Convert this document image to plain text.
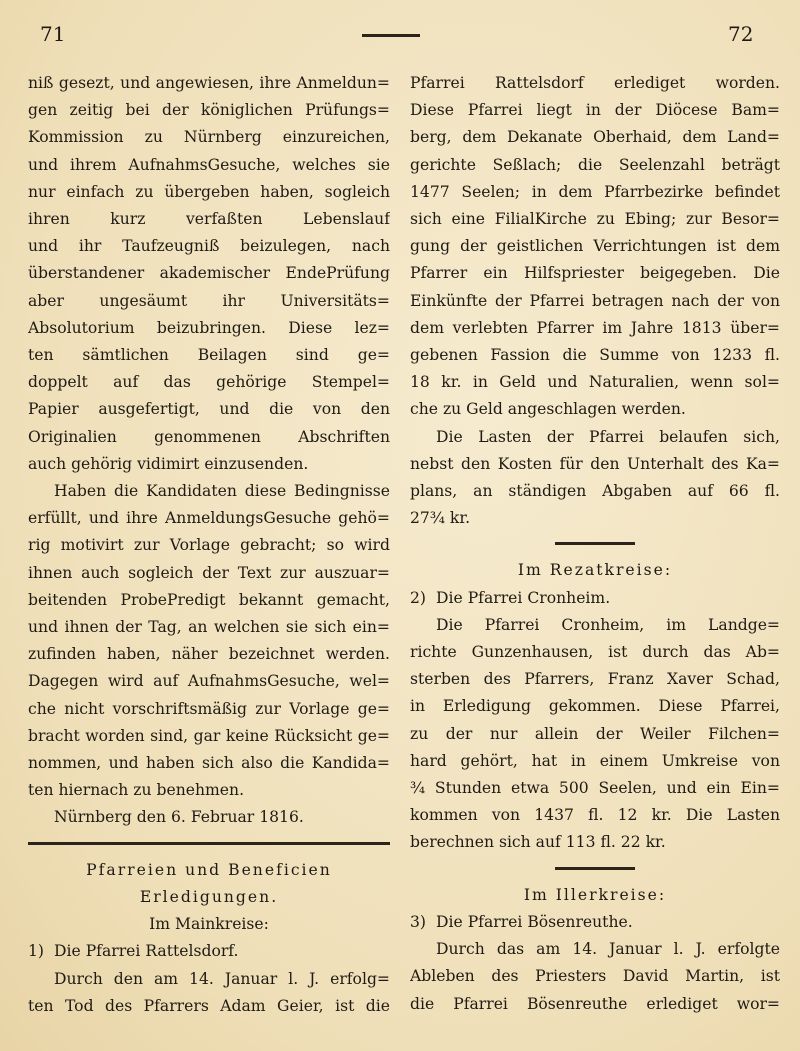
71	72
niß gesezt, und angewiesen, ihre Anmeldun=
gen zeitig bei der königlichen Prüfungs=
Kommission zu Nürnberg einzureichen,
und ihrem AufnahmsGesuche, welches sie
nur einfach zu übergeben haben, sogleich
ihren kurz verfaßten Lebenslauf
und ihr Taufzeugniß beizulegen, nach
überstandener akademischer EndePrüfung
aber ungesäumt ihr Universitäts=
Absolutorium beizubringen. Diese lez=
ten sämtlichen Beilagen sind ge=
doppelt auf das gehörige Stempel=
Papier ausgefertigt, und die von den
Originalien genommenen Abschriften
auch gehörig vidimirt einzusenden.
Haben die Kandidaten diese Bedingnisse
erfüllt, und ihre AnmeldungsGesuche gehö=
rig motivirt zur Vorlage gebracht; so wird
ihnen auch sogleich der Text zur auszuar=
beitenden ProbePredigt bekannt gemacht,
und ihnen der Tag, an welchen sie sich ein=
zufinden haben, näher bezeichnet werden.
Dagegen wird auf AufnahmsGesuche, wel=
che nicht vorschriftsmäßig zur Vorlage ge=
bracht worden sind, gar keine Rücksicht ge=
nommen, und haben sich also die Kandida=
ten hiernach zu benehmen.
Nürnberg den 6. Februar 1816.
Pfarreien und Beneficien
Erledigungen.
Im Mainkreise:
1) Die Pfarrei Rattelsdorf.
Durch den am 14. Januar l. J. erfolg=
ten Tod des Pfarrers Adam Geier, ist die
Pfarrei Rattelsdorf erlediget worden.
Diese Pfarrei liegt in der Diöcese Bam=
berg, dem Dekanate Oberhaid, dem Land=
gerichte Seßlach; die Seelenzahl beträgt
1477 Seelen; in dem Pfarrbezirke befindet
sich eine FilialKirche zu Ebing; zur Besor=
gung der geistlichen Verrichtungen ist dem
Pfarrer ein Hilfspriester beigegeben. Die
Einkünfte der Pfarrei betragen nach der von
dem verlebten Pfarrer im Jahre 1813 über=
gebenen Fassion die Summe von 1233 fl.
18 kr. in Geld und Naturalien, wenn sol=
che zu Geld angeschlagen werden.
Die Lasten der Pfarrei belaufen sich,
nebst den Kosten für den Unterhalt des Ka=
plans, an ständigen Abgaben auf 66 fl.
27¾ kr.
Im Rezatkreise:
2) Die Pfarrei Cronheim.
Die Pfarrei Cronheim, im Landge=
richte Gunzenhausen, ist durch das Ab=
sterben des Pfarrers, Franz Xaver Schad,
in Erledigung gekommen. Diese Pfarrei,
zu der nur allein der Weiler Filchen=
hard gehört, hat in einem Umkreise von
¾ Stunden etwa 500 Seelen, und ein Ein=
kommen von 1437 fl. 12 kr. Die Lasten
berechnen sich auf 113 fl. 22 kr.
Im Illerkreise:
3) Die Pfarrei Bösenreuthe.
Durch das am 14. Januar l. J. erfolgte
Ableben des Priesters David Martin, ist
die Pfarrei Bösenreuthe erlediget wor=
